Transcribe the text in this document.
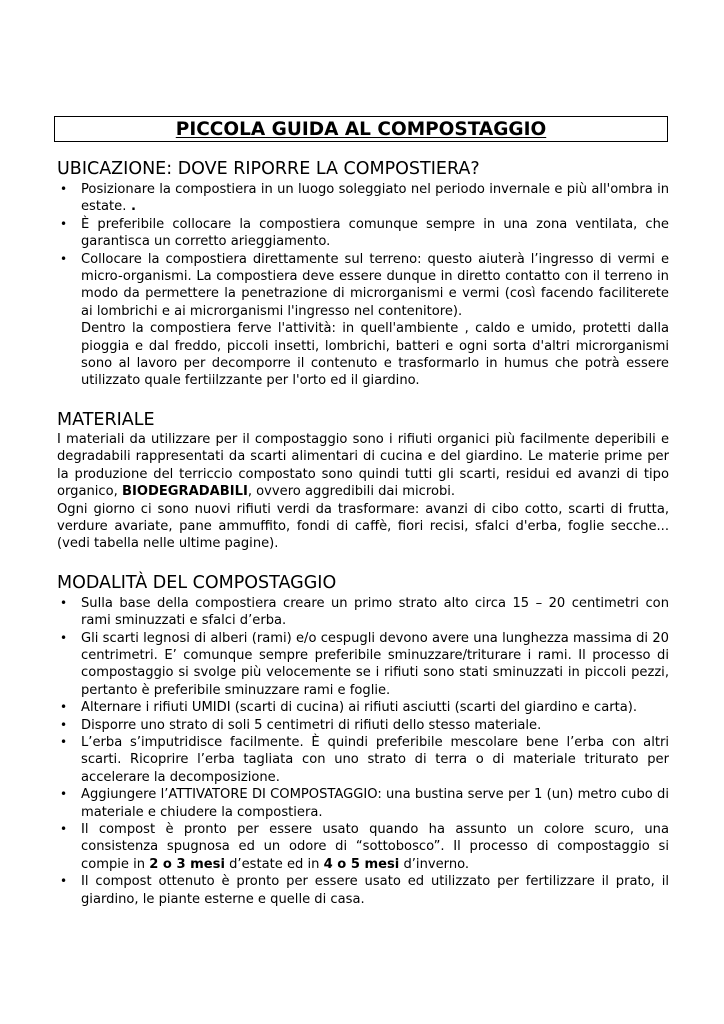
PICCOLA GUIDA AL COMPOSTAGGIO
UBICAZIONE: DOVE RIPORRE LA COMPOSTIERA?
• Posizionare la compostiera in un luogo soleggiato nel periodo invernale e più all'ombra in estate. .
• È preferibile collocare la compostiera comunque sempre in una zona ventilata, che garantisca un corretto arieggiamento.
• Collocare la compostiera direttamente sul terreno: questo aiuterà l’ingresso di vermi e micro-organismi. La compostiera deve essere dunque in diretto contatto con il terreno in modo da permettere la penetrazione di microrganismi e vermi (così facendo faciliterete ai lombrichi e ai microrganismi l'ingresso nel contenitore).

Dentro la compostiera ferve l'attività: in quell'ambiente , caldo e umido, protetti dalla pioggia e dal freddo, piccoli insetti, lombrichi, batteri e ogni sorta d'altri microrganismi sono al lavoro per decomporre il contenuto e trasformarlo in humus che potrà essere utilizzato quale fertiilzzante per l'orto ed il giardino.

MATERIALE

I materiali da utilizzare per il compostaggio sono i rifiuti organici più facilmente deperibili e degradabili rappresentati da scarti alimentari di cucina e del giardino. Le materie prime per la produzione del terriccio compostato sono quindi tutti gli scarti, residui ed avanzi di tipo organico, BIODEGRADABILI, ovvero aggredibili dai microbi.

Ogni giorno ci sono nuovi rifiuti verdi da trasformare: avanzi di cibo cotto, scarti di frutta, verdure avariate, pane ammuffito, fondi di caffè, fiori recisi, sfalci d'erba, foglie secche... (vedi tabella nelle ultime pagine).

MODALITÀ DEL COMPOSTAGGIO
• Sulla base della compostiera creare un primo strato alto circa 15 – 20 centimetri con rami sminuzzati e sfalci d’erba.
• Gli scarti legnosi di alberi (rami) e/o cespugli devono avere una lunghezza massima di 20 centrimetri. E’ comunque sempre preferibile sminuzzare/triturare i rami. Il processo di compostaggio si svolge più velocemente se i rifiuti sono stati sminuzzati in piccoli pezzi, pertanto è preferibile sminuzzare rami e foglie.
• Alternare i rifiuti UMIDI (scarti di cucina) ai rifiuti asciutti (scarti del giardino e carta).
• Disporre uno strato di soli 5 centimetri di rifiuti dello stesso materiale.
• L’erba s’imputridisce facilmente. È quindi preferibile mescolare bene l’erba con altri scarti. Ricoprire l’erba tagliata con uno strato di terra o di materiale triturato per accelerare la decomposizione.
• Aggiungere l’ATTIVATORE DI COMPOSTAGGIO: una bustina serve per 1 (un) metro cubo di materiale e chiudere la compostiera.
• Il compost è pronto per essere usato quando ha assunto un colore scuro, una consistenza spugnosa ed un odore di “sottobosco”. Il processo di compostaggio si compie in 2 o 3 mesi d’estate ed in 4 o 5 mesi d’inverno.
• Il compost ottenuto è pronto per essere usato ed utilizzato per fertilizzare il prato, il giardino, le piante esterne e quelle di casa.
